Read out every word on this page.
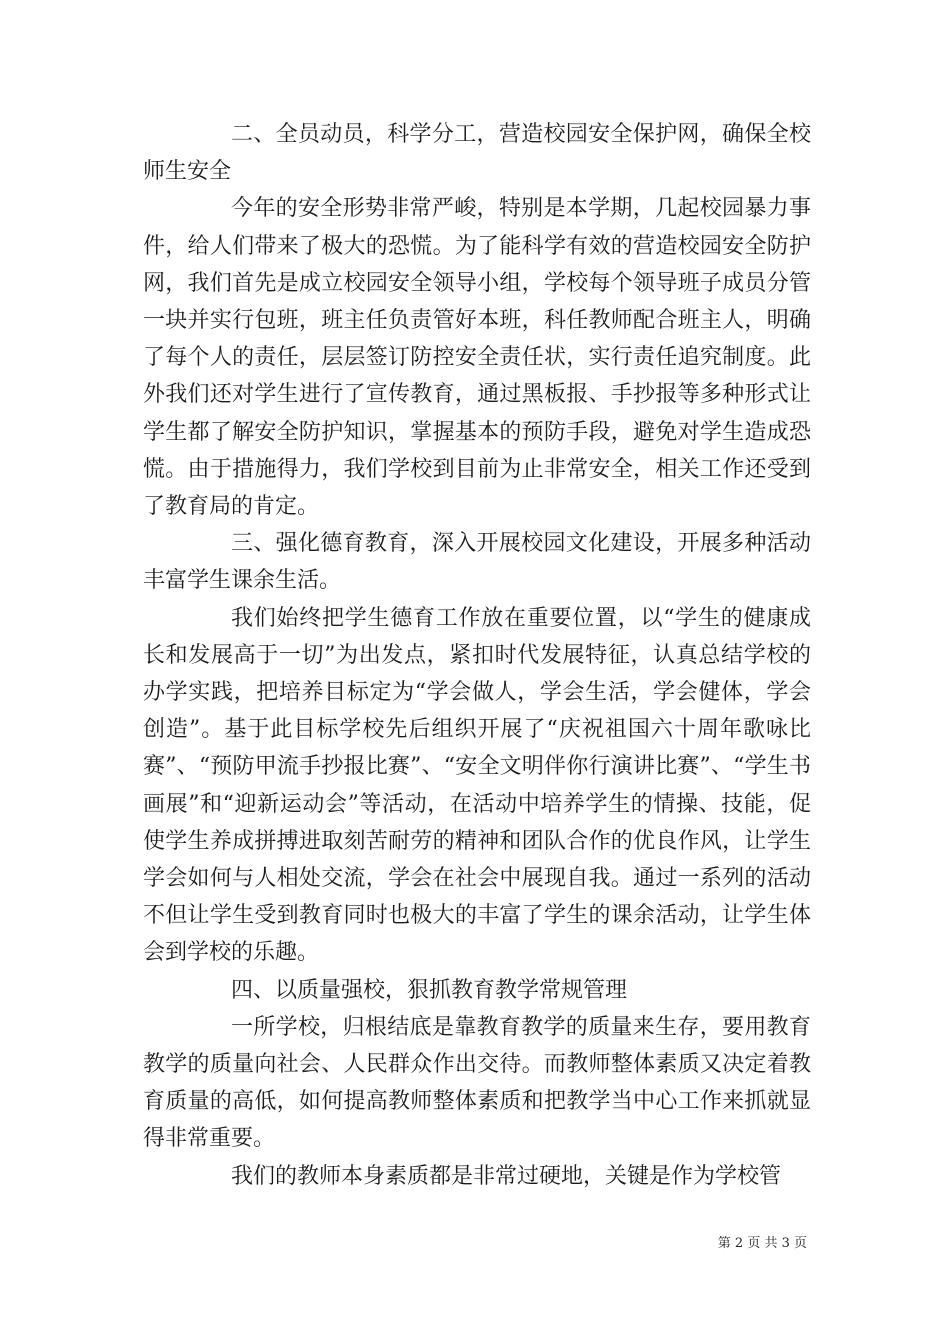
二、全员动员，科学分工，营造校园安全保护网，确保全校师生安全

今年的安全形势非常严峻，特别是本学期，几起校园暴力事件，给人们带来了极大的恐慌。为了能科学有效的营造校园安全防护网，我们首先是成立校园安全领导小组，学校每个领导班子成员分管一块并实行包班，班主任负责管好本班，科任教师配合班主人，明确了每个人的责任，层层签订防控安全责任状，实行责任追究制度。此外我们还对学生进行了宣传教育，通过黑板报、手抄报等多种形式让学生都了解安全防护知识，掌握基本的预防手段，避免对学生造成恐慌。由于措施得力，我们学校到目前为止非常安全，相关工作还受到了教育局的肯定。

三、强化德育教育，深入开展校园文化建设，开展多种活动丰富学生课余生活。

我们始终把学生德育工作放在重要位置，以“学生的健康成长和发展高于一切”为出发点，紧扣时代发展特征，认真总结学校的办学实践，把培养目标定为“学会做人，学会生活，学会健体，学会创造”。基于此目标学校先后组织开展了“庆祝祖国六十周年歌咏比赛”、“预防甲流手抄报比赛”、“安全文明伴你行演讲比赛”、“学生书画展”和“迎新运动会”等活动，在活动中培养学生的情操、技能，促使学生养成拼搏进取刻苦耐劳的精神和团队合作的优良作风，让学生学会如何与人相处交流，学会在社会中展现自我。通过一系列的活动不但让学生受到教育同时也极大的丰富了学生的课余活动，让学生体会到学校的乐趣。

四、以质量强校，狠抓教育教学常规管理

一所学校，归根结底是靠教育教学的质量来生存，要用教育教学的质量向社会、人民群众作出交待。而教师整体素质又决定着教育质量的高低，如何提高教师整体素质和把教学当中心工作来抓就显得非常重要。

我们的教师本身素质都是非常过硬地，关键是作为学校管

第 2 页 共 3 页
